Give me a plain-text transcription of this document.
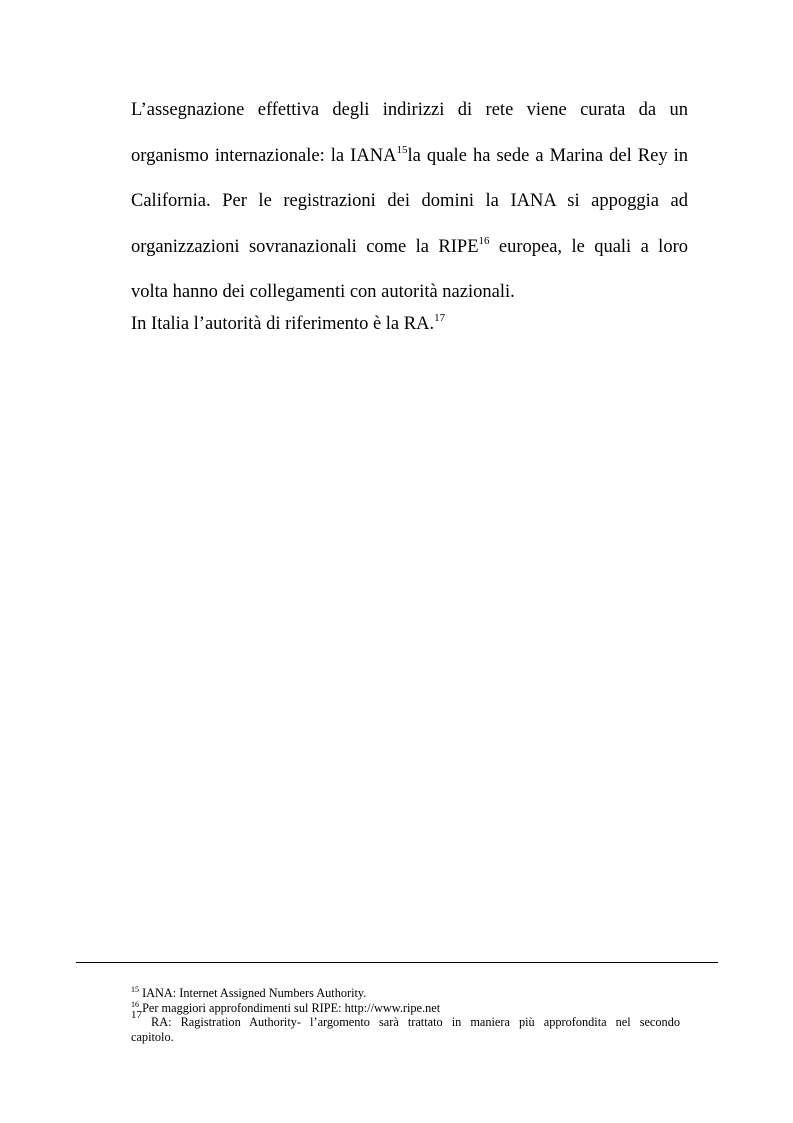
L’assegnazione effettiva degli indirizzi di rete viene curata da un
organismo internazionale: la IANA$^{15}$la quale ha sede a Marina del Rey in
California. Per le registrazioni dei domini la IANA si appoggia ad
organizzazioni sovranazionali come la RIPE$^{16}$ europea, le quali a loro
volta hanno dei collegamenti con autorità nazionali.

In Italia l’autorità di riferimento è la RA.$^{17}$

$^{15}$ IANA: Internet Assigned Numbers Authority.
$^{16}$ Per maggiori approfondimenti sul RIPE: http://www.ripe.net
$^{17}$ RA: Ragistration Authority- l’argomento sarà trattato in maniera più approfondita nel secondo
capitolo.
